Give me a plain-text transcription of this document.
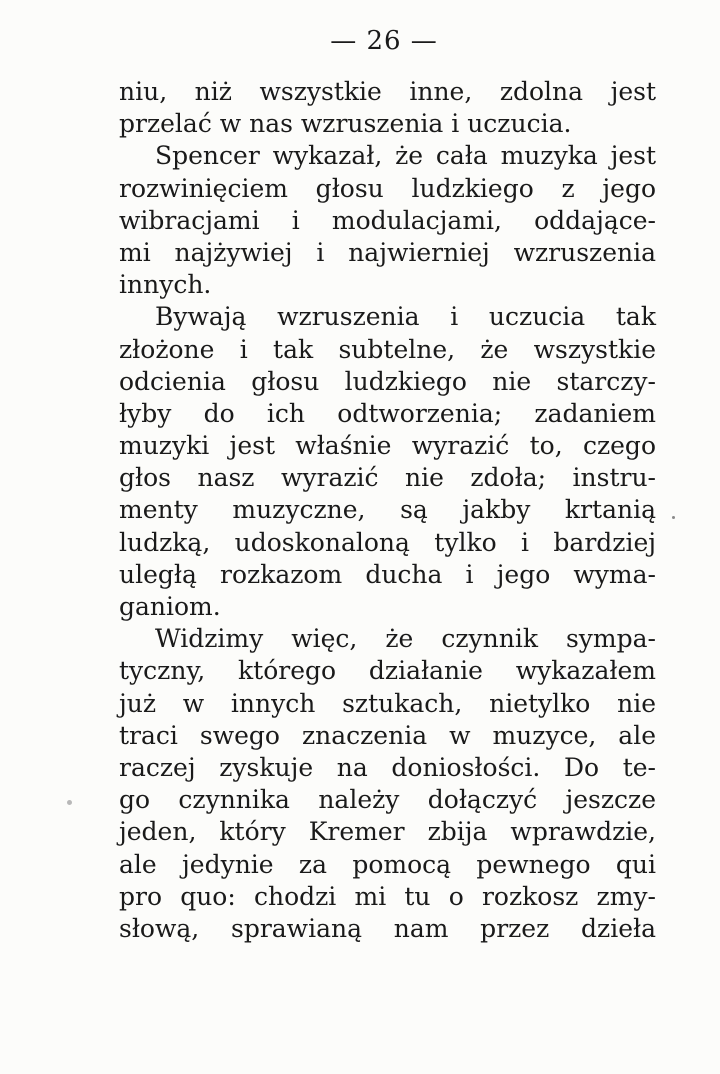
— 26 —
niu, niż wszystkie inne, zdolna jest
przelać w nas wzruszenia i uczucia.
Spencer wykazał, że cała muzyka jest
rozwinięciem głosu ludzkiego z jego
wibracjami i modulacjami, oddające-
mi najżywiej i najwierniej wzruszenia
innych.
Bywają wzruszenia i uczucia tak
złożone i tak subtelne, że wszystkie
odcienia głosu ludzkiego nie starczy-
łyby do ich odtworzenia; zadaniem
muzyki jest właśnie wyrazić to, czego
głos nasz wyrazić nie zdoła; instru-
menty muzyczne, są jakby krtanią
ludzką, udoskonaloną tylko i bardziej
uległą rozkazom ducha i jego wyma-
ganiom.
Widzimy więc, że czynnik sympa-
tyczny, którego działanie wykazałem
już w innych sztukach, nietylko nie
traci swego znaczenia w muzyce, ale
raczej zyskuje na doniosłości. Do te-
go czynnika należy dołączyć jeszcze
jeden, który Kremer zbija wprawdzie,
ale jedynie za pomocą pewnego qui
pro quo: chodzi mi tu o rozkosz zmy-
słową, sprawianą nam przez dzieła
